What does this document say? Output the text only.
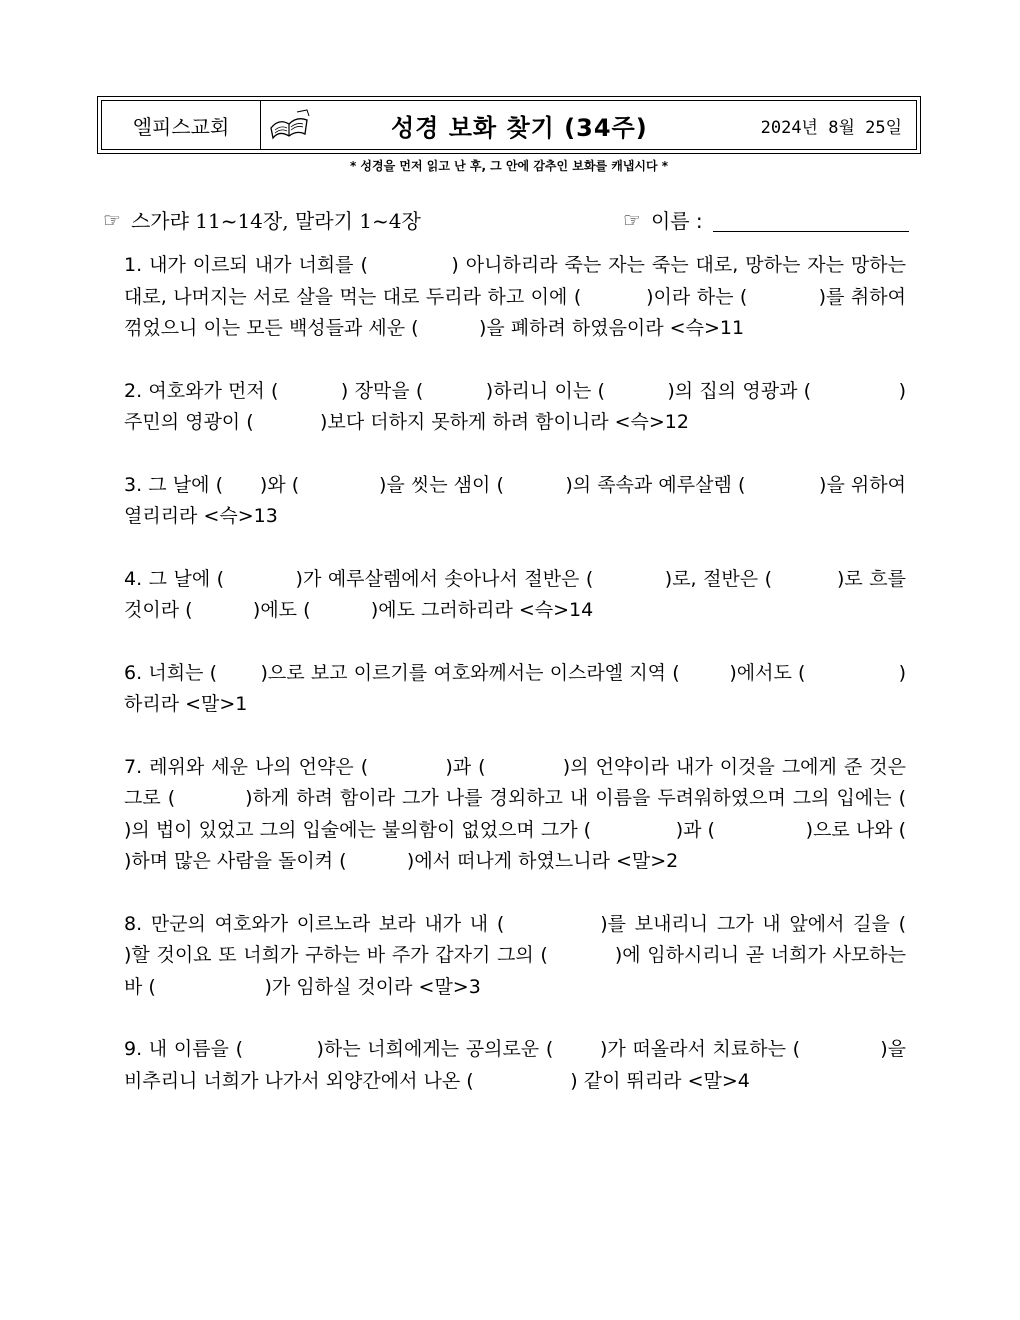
엘피스교회	성경 보화 찾기 (34주)	2024년 8월 25일
* 성경을 먼저 읽고 난 후, 그 안에 감추인 보화를 캐냅시다 *
☞ 스가랴 11~14장, 말라기 1~4장	☞ 이름 :
1. 내가 이르되 내가 너희를 (            ) 아니하리라 죽는 자는 죽는 대로, 망하는 자는 망하는 대로, 나머지는 서로 살을 먹는 대로 두리라 하고 이에 (          )이라 하는 (           )를 취하여 꺾었으니 이는 모든 백성들과 세운 (          )을 폐하려 하였음이라 <슥>11
2. 여호와가 먼저 (          ) 장막을 (          )하리니 이는 (          )의 집의 영광과 (              ) 주민의 영광이 (           )보다 더하지 못하게 하려 함이니라 <슥>12
3. 그 날에 (      )와 (             )을 씻는 샘이 (          )의 족속과 예루살렘 (            )을 위하여 열리리라 <슥>13
4. 그 날에 (           )가 예루살렘에서 솟아나서 절반은 (           )로, 절반은 (          )로 흐를 것이라 (          )에도 (          )에도 그러하리라 <슥>14
6. 너희는 (       )으로 보고 이르기를 여호와께서는 이스라엘 지역 (        )에서도 (               ) 하리라 <말>1
7. 레위와 세운 나의 언약은 (           )과 (           )의 언약이라 내가 이것을 그에게 준 것은 그로 (          )하게 하려 함이라 그가 나를 경외하고 내 이름을 두려워하였으며 그의 입에는 (          )의 법이 있었고 그의 입술에는 불의함이 없었으며 그가 (              )과 (               )으로 나와 (          )하며 많은 사람을 돌이켜 (          )에서 떠나게 하였느니라 <말>2
8. 만군의 여호와가 이르노라 보라 내가 내 (           )를 보내리니 그가 내 앞에서 길을 (           )할 것이요 또 너희가 구하는 바 주가 갑자기 그의 (          )에 임하시리니 곧 너희가 사모하는 바 (                  )가 임하실 것이라 <말>3
9. 내 이름을 (           )하는 너희에게는 공의로운 (       )가 떠올라서 치료하는 (            )을 비추리니 너희가 나가서 외양간에서 나온 (                ) 같이 뛰리라 <말>4
